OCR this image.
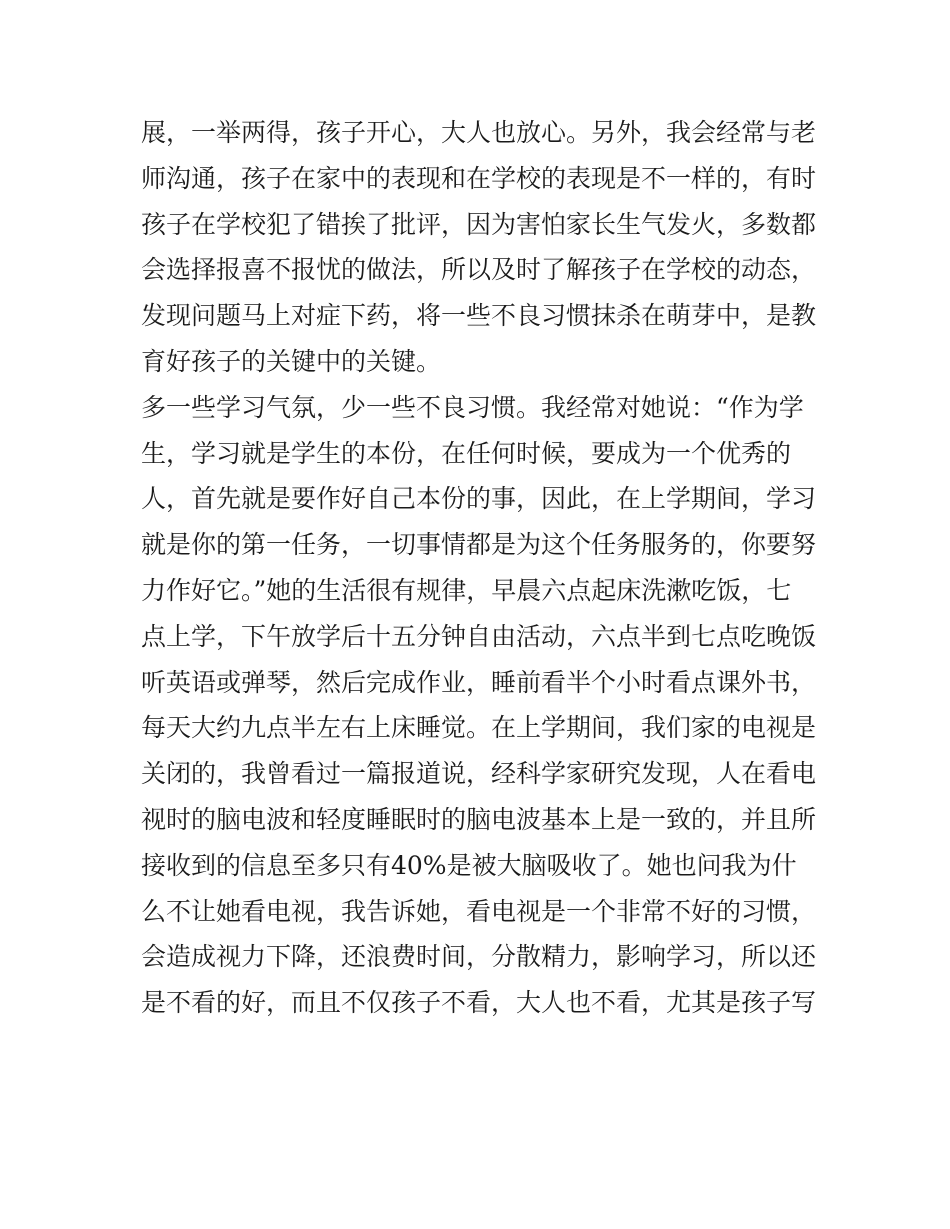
展，一举两得，孩子开心，大人也放心。另外，我会经常与老
师沟通，孩子在家中的表现和在学校的表现是不一样的，有时
孩子在学校犯了错挨了批评，因为害怕家长生气发火，多数都
会选择报喜不报忧的做法，所以及时了解孩子在学校的动态，
发现问题马上对症下药，将一些不良习惯抹杀在萌芽中，是教
育好孩子的关键中的关键。
多一些学习气氛，少一些不良习惯。我经常对她说：“作为学
生，学习就是学生的本份，在任何时候，要成为一个优秀的
人，首先就是要作好自己本份的事，因此，在上学期间，学习
就是你的第一任务，一切事情都是为这个任务服务的，你要努
力作好它。”她的生活很有规律，早晨六点起床洗漱吃饭，七
点上学，下午放学后十五分钟自由活动，六点半到七点吃晚饭
听英语或弹琴，然后完成作业，睡前看半个小时看点课外书，
每天大约九点半左右上床睡觉。在上学期间，我们家的电视是
关闭的，我曾看过一篇报道说，经科学家研究发现，人在看电
视时的脑电波和轻度睡眠时的脑电波基本上是一致的，并且所
接收到的信息至多只有40%是被大脑吸收了。她也问我为什
么不让她看电视，我告诉她，看电视是一个非常不好的习惯，
会造成视力下降，还浪费时间，分散精力，影响学习，所以还
是不看的好，而且不仅孩子不看，大人也不看，尤其是孩子写
